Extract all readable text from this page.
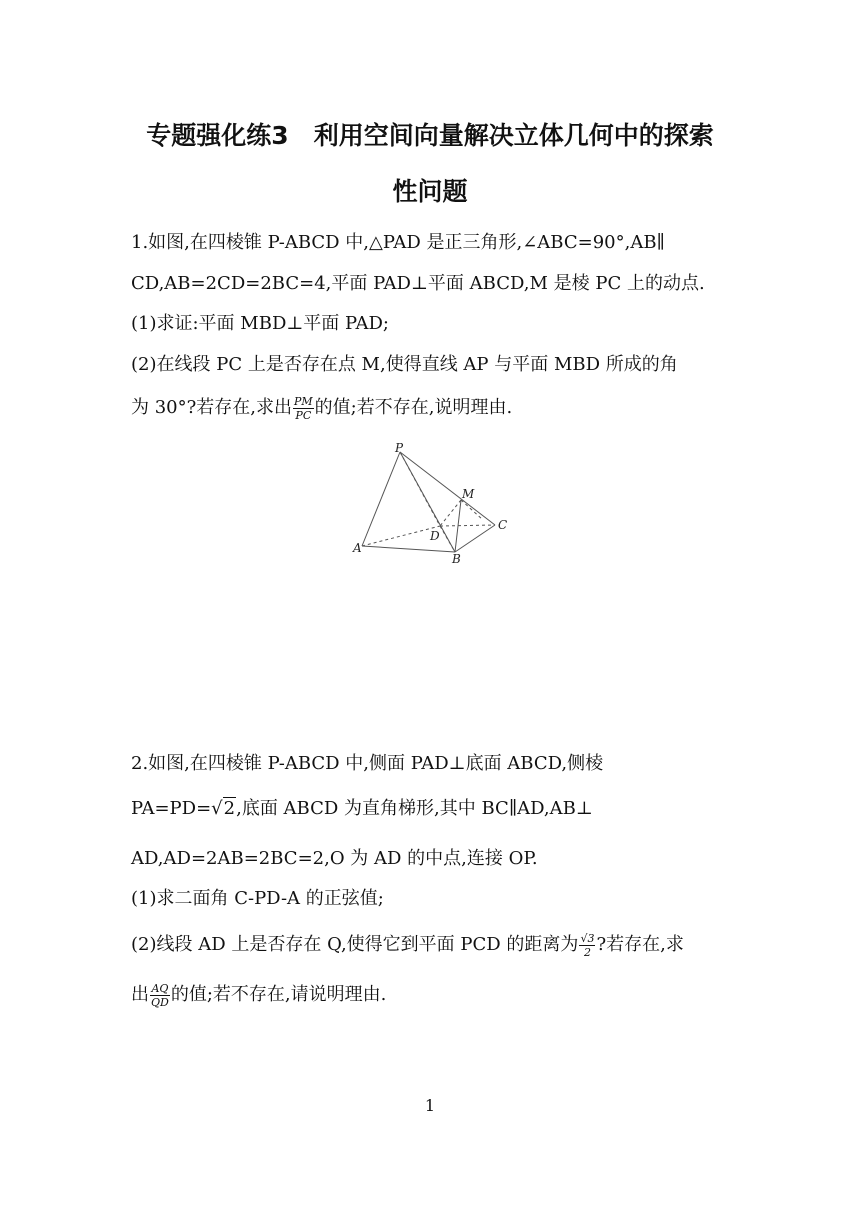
专题强化练3　利用空间向量解决立体几何中的探索
性问题
1.如图,在四棱锥 P-ABCD 中,△PAD 是正三角形,∠ABC=90°,AB∥
CD,AB=2CD=2BC=4,平面 PAD⊥平面 ABCD,M 是棱 PC 上的动点.
(1)求证:平面 MBD⊥平面 PAD;
(2)在线段 PC 上是否存在点 M,使得直线 AP 与平面 MBD 所成的角
为 30°?若存在,求出 $\frac{PM}{PC}$ 的值;若不存在,说明理由.
P
M
C
D
A
B
2.如图,在四棱锥 P-ABCD 中,侧面 PAD⊥底面 ABCD,侧棱
PA=PD=√2,底面 ABCD 为直角梯形,其中 BC∥AD,AB⊥
AD,AD=2AB=2BC=2,O 为 AD 的中点,连接 OP.
(1)求二面角 C-PD-A 的正弦值;
(2)线段 AD 上是否存在 Q,使得它到平面 PCD 的距离为 $\frac{√3}{2}$ ?若存在,求
出 $\frac{AQ}{QD}$ 的值;若不存在,请说明理由.
1
